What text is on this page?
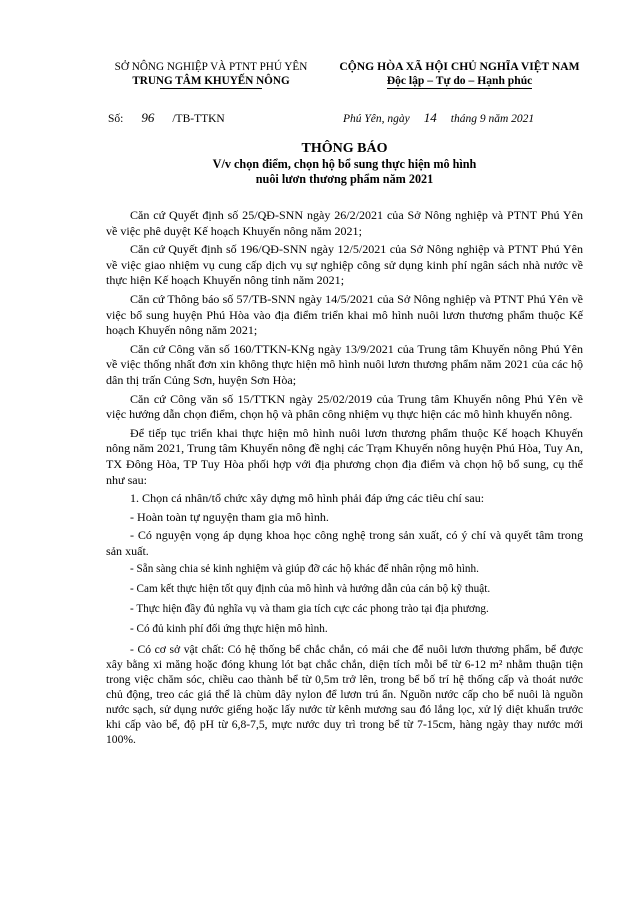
SỞ NÔNG NGHIỆP VÀ PTNT PHÚ YÊN
TRUNG TÂM KHUYẾN NÔNG
CỘNG HÒA XÃ HỘI CHỦ NGHĨA VIỆT NAM
Độc lập – Tự do – Hạnh phúc
Số: 96 /TB-TTKN	Phú Yên, ngày 14 tháng 9 năm 2021
THÔNG BÁO
V/v chọn điểm, chọn hộ bổ sung thực hiện mô hình
nuôi lươn thương phẩm năm 2021

Căn cứ Quyết định số 25/QĐ-SNN ngày 26/2/2021 của Sở Nông nghiệp và PTNT Phú Yên về việc phê duyệt Kế hoạch Khuyến nông năm 2021;

Căn cứ Quyết định số 196/QĐ-SNN ngày 12/5/2021 của Sở Nông nghiệp và PTNT Phú Yên về việc giao nhiệm vụ cung cấp dịch vụ sự nghiệp công sử dụng kinh phí ngân sách nhà nước về thực hiện Kế hoạch Khuyến nông tỉnh năm 2021;

Căn cứ Thông báo số 57/TB-SNN ngày 14/5/2021 của Sở Nông nghiệp và PTNT Phú Yên về việc bổ sung huyện Phú Hòa vào địa điểm triển khai mô hình nuôi lươn thương phẩm thuộc Kế hoạch Khuyến nông năm 2021;

Căn cứ Công văn số 160/TTKN-KNg ngày 13/9/2021 của Trung tâm Khuyến nông Phú Yên về việc thống nhất đơn xin không thực hiện mô hình nuôi lươn thương phẩm năm 2021 của các hộ dân thị trấn Củng Sơn, huyện Sơn Hòa;

Căn cứ Công văn số 15/TTKN ngày 25/02/2019 của Trung tâm Khuyến nông Phú Yên về việc hướng dẫn chọn điểm, chọn hộ và phân công nhiệm vụ thực hiện các mô hình khuyến nông.

Để tiếp tục triển khai thực hiện mô hình nuôi lươn thương phẩm thuộc Kế hoạch Khuyến nông năm 2021, Trung tâm Khuyến nông đề nghị các Trạm Khuyến nông huyện Phú Hòa, Tuy An, TX Đông Hòa, TP Tuy Hòa phối hợp với địa phương chọn địa điểm và chọn hộ bổ sung, cụ thể như sau:

1. Chọn cá nhân/tổ chức xây dựng mô hình phải đáp ứng các tiêu chí sau:

- Hoàn toàn tự nguyện tham gia mô hình.

- Có nguyện vọng áp dụng khoa học công nghệ trong sản xuất, có ý chí và quyết tâm trong sản xuất.

- Sẵn sàng chia sẻ kinh nghiệm và giúp đỡ các hộ khác để nhân rộng mô hình.

- Cam kết thực hiện tốt quy định của mô hình và hướng dẫn của cán bộ kỹ thuật.

- Thực hiện đầy đủ nghĩa vụ và tham gia tích cực các phong trào tại địa phương.

- Có đủ kinh phí đối ứng thực hiện mô hình.

- Có cơ sở vật chất: Có hệ thống bể chắc chắn, có mái che để nuôi lươn thương phẩm, bể được xây bằng xi măng hoặc đóng khung lót bạt chắc chắn, diện tích mỗi bể từ 6-12 m² nhằm thuận tiện trong việc chăm sóc, chiều cao thành bể từ 0,5m trở lên, trong bể bố trí hệ thống cấp và thoát nước chủ động, treo các giá thể là chùm dây nylon để lươn trú ẩn. Nguồn nước cấp cho bể nuôi là nguồn nước sạch, sử dụng nước giếng hoặc lấy nước từ kênh mương sau đó lắng lọc, xử lý diệt khuẩn trước khi cấp vào bể, độ pH từ 6,8-7,5, mực nước duy trì trong bể từ 7-15cm, hàng ngày thay nước mới 100%.
